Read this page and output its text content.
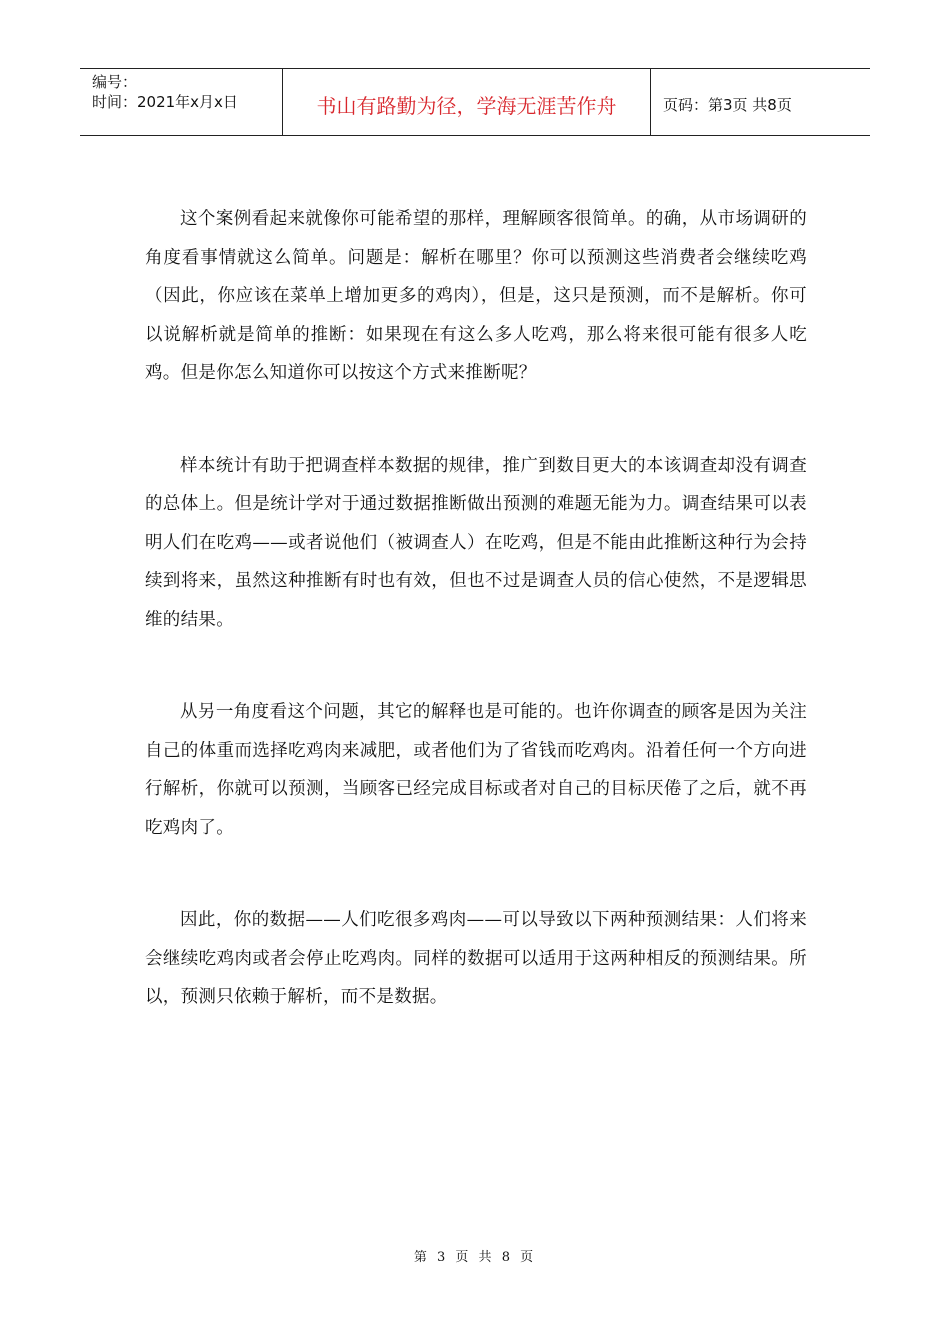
编号：
时间：2021年x月x日	书山有路勤为径，学海无涯苦作舟	页码：第3页 共8页

这个案例看起来就像你可能希望的那样，理解顾客很简单。的确，从市场调研的角度看事情就这么简单。问题是：解析在哪里？你可以预测这些消费者会继续吃鸡（因此，你应该在菜单上增加更多的鸡肉），但是，这只是预测，而不是解析。你可以说解析就是简单的推断：如果现在有这么多人吃鸡，那么将来很可能有很多人吃鸡。但是你怎么知道你可以按这个方式来推断呢？

样本统计有助于把调查样本数据的规律，推广到数目更大的本该调查却没有调查的总体上。但是统计学对于通过数据推断做出预测的难题无能为力。调查结果可以表明人们在吃鸡——或者说他们（被调查人）在吃鸡，但是不能由此推断这种行为会持续到将来，虽然这种推断有时也有效，但也不过是调查人员的信心使然，不是逻辑思维的结果。

从另一角度看这个问题，其它的解释也是可能的。也许你调查的顾客是因为关注自己的体重而选择吃鸡肉来减肥，或者他们为了省钱而吃鸡肉。沿着任何一个方向进行解析，你就可以预测，当顾客已经完成目标或者对自己的目标厌倦了之后，就不再吃鸡肉了。

因此，你的数据——人们吃很多鸡肉——可以导致以下两种预测结果：人们将来会继续吃鸡肉或者会停止吃鸡肉。同样的数据可以适用于这两种相反的预测结果。所以，预测只依赖于解析，而不是数据。

第 3 页 共 8 页
